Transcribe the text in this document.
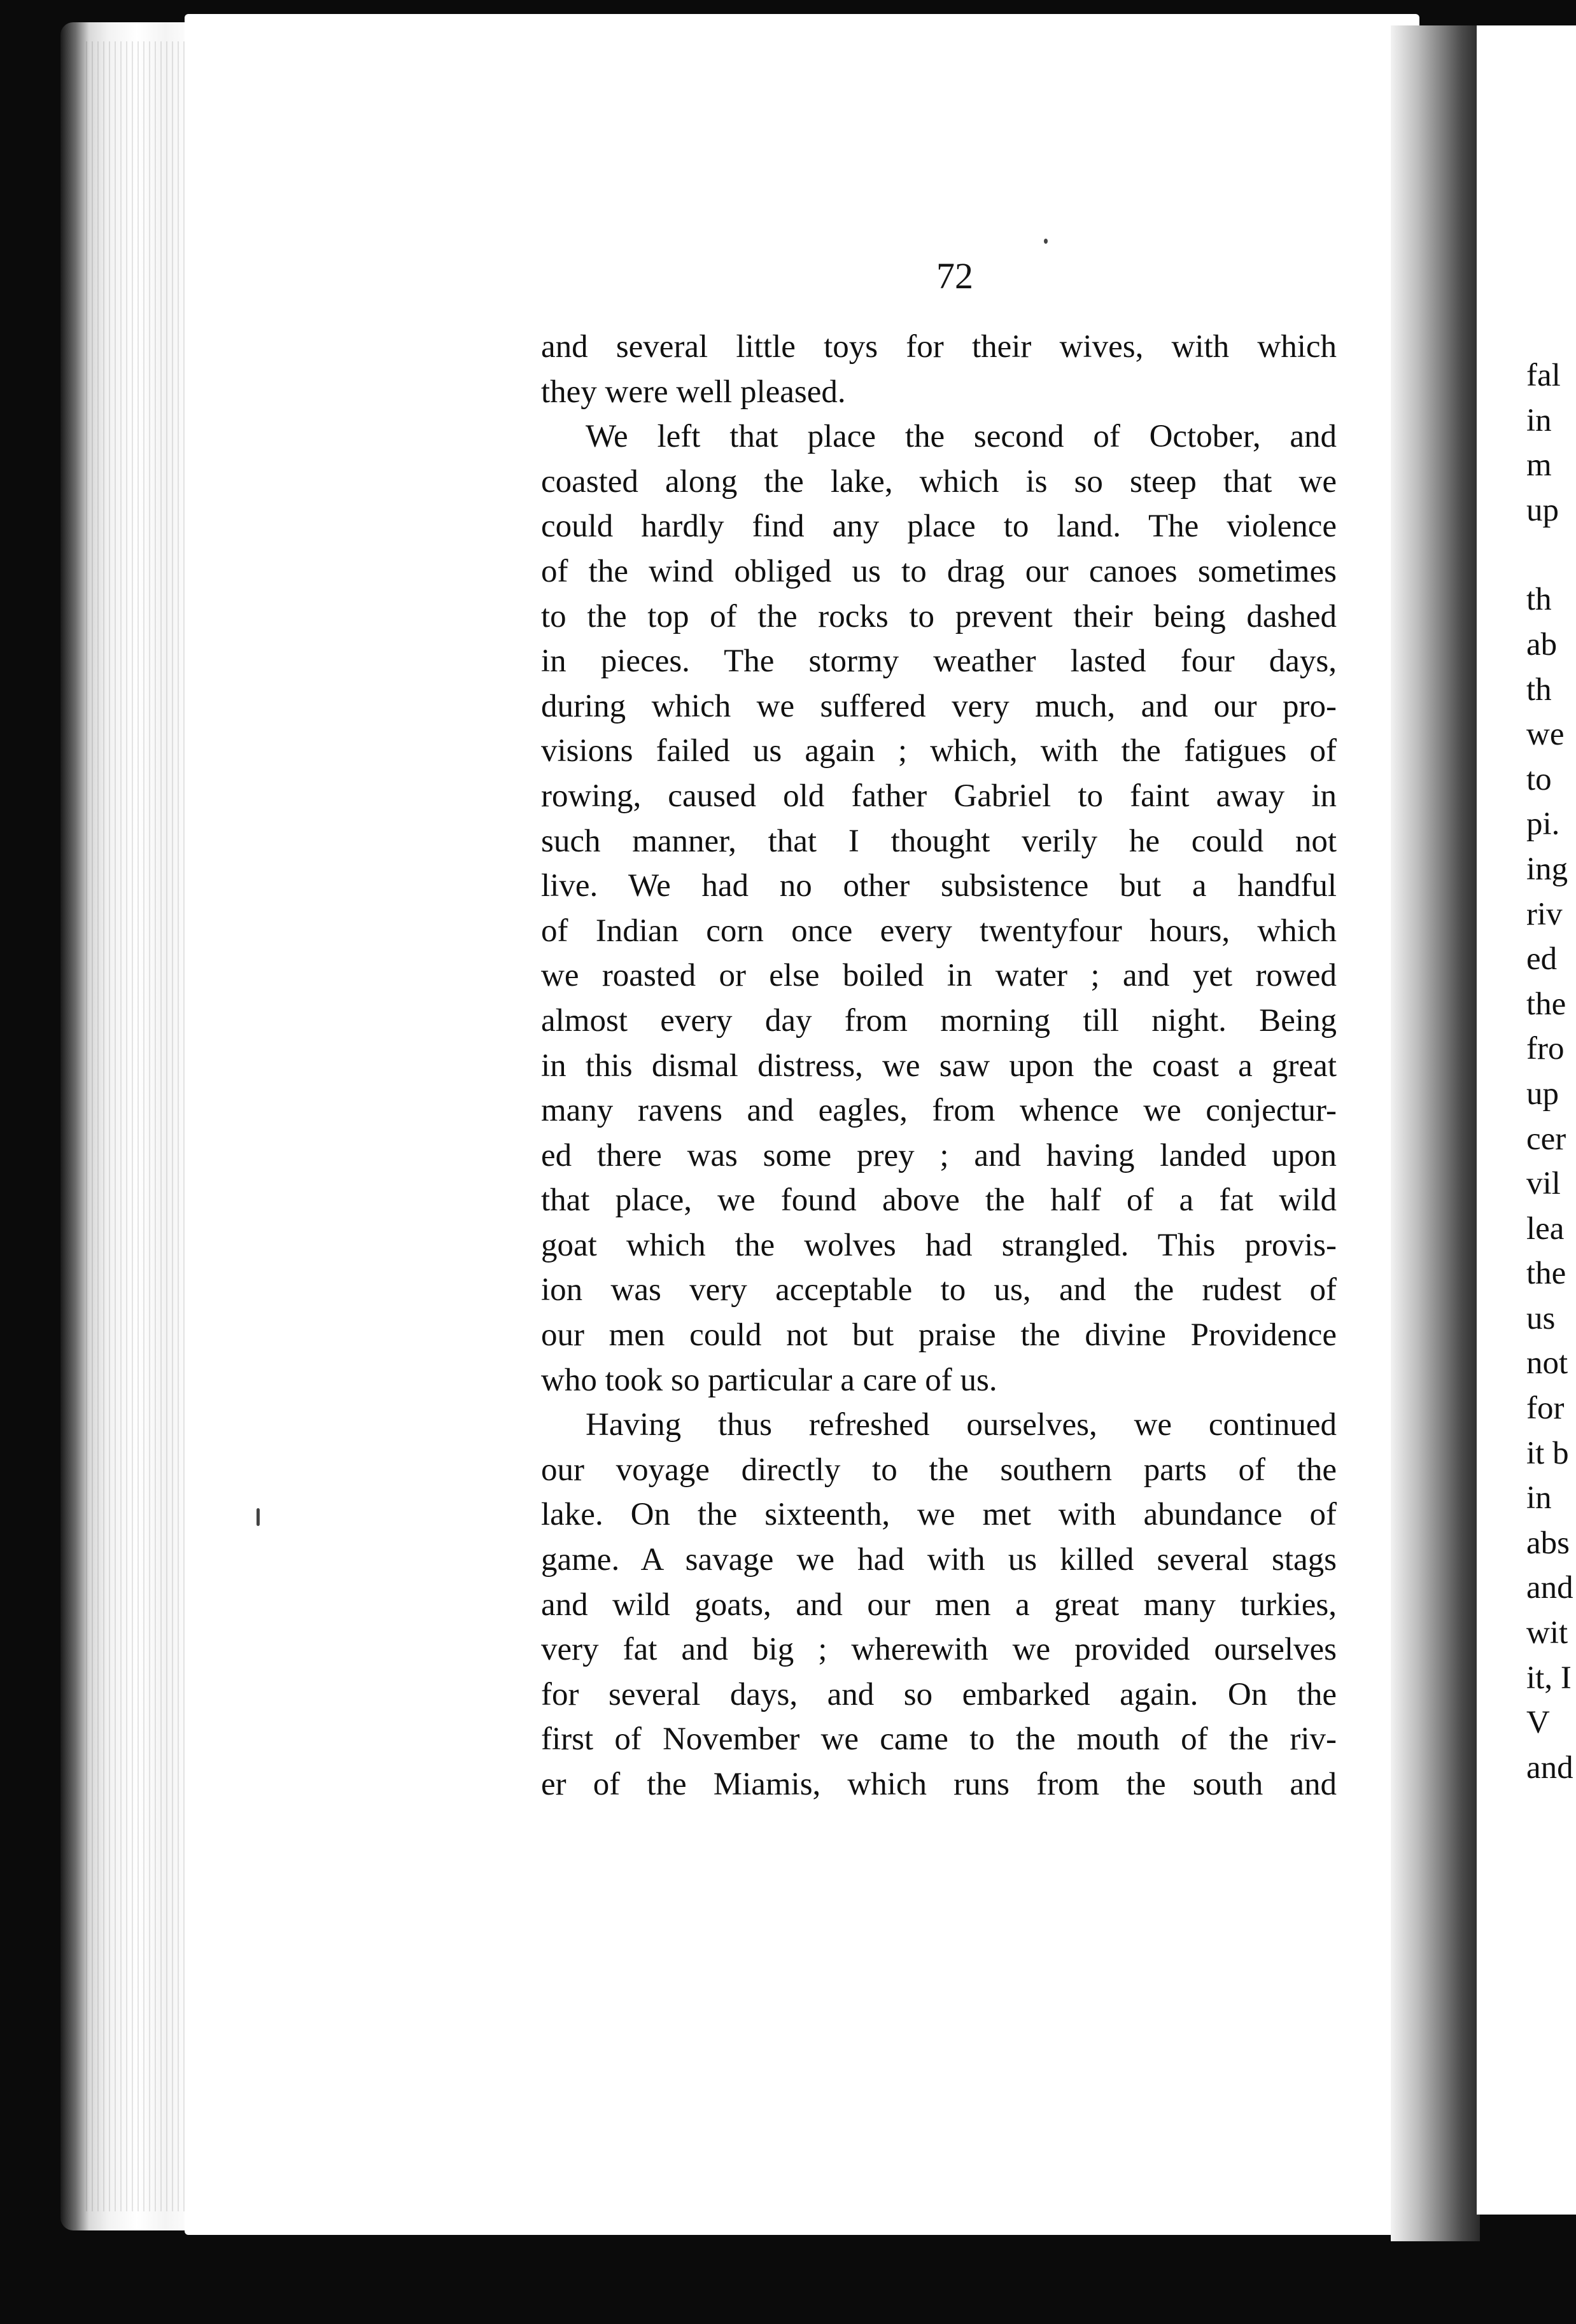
72
and several little toys for their wives, with which
they were well pleased.
We left that place the second of October, and
coasted along the lake, which is so steep that we
could hardly find any place to land. The violence
of the wind obliged us to drag our canoes sometimes
to the top of the rocks to prevent their being dashed
in pieces. The stormy weather lasted four days,
during which we suffered very much, and our pro-
visions failed us again ; which, with the fatigues of
rowing, caused old father Gabriel to faint away in
such manner, that I thought verily he could not
live. We had no other subsistence but a handful
of Indian corn once every twentyfour hours, which
we roasted or else boiled in water ; and yet rowed
almost every day from morning till night. Being
in this dismal distress, we saw upon the coast a great
many ravens and eagles, from whence we conjectur-
ed there was some prey ; and having landed upon
that place, we found above the half of a fat wild
goat which the wolves had strangled. This provis-
ion was very acceptable to us, and the rudest of
our men could not but praise the divine Providence
who took so particular a care of us.
Having thus refreshed ourselves, we continued
our voyage directly to the southern parts of the
lake. On the sixteenth, we met with abundance of
game. A savage we had with us killed several stags
and wild goats, and our men a great many turkies,
very fat and big ; wherewith we provided ourselves
for several days, and so embarked again. On the
first of November we came to the mouth of the riv-
er of the Miamis, which runs from the south and
fal
in
m
up
th
ab
th
we
to
pi.
ing
riv
ed
the
fro
up
cer
vil
lea
the
us
not
for
it b
in
abs
and
wit
it, I
V
and
